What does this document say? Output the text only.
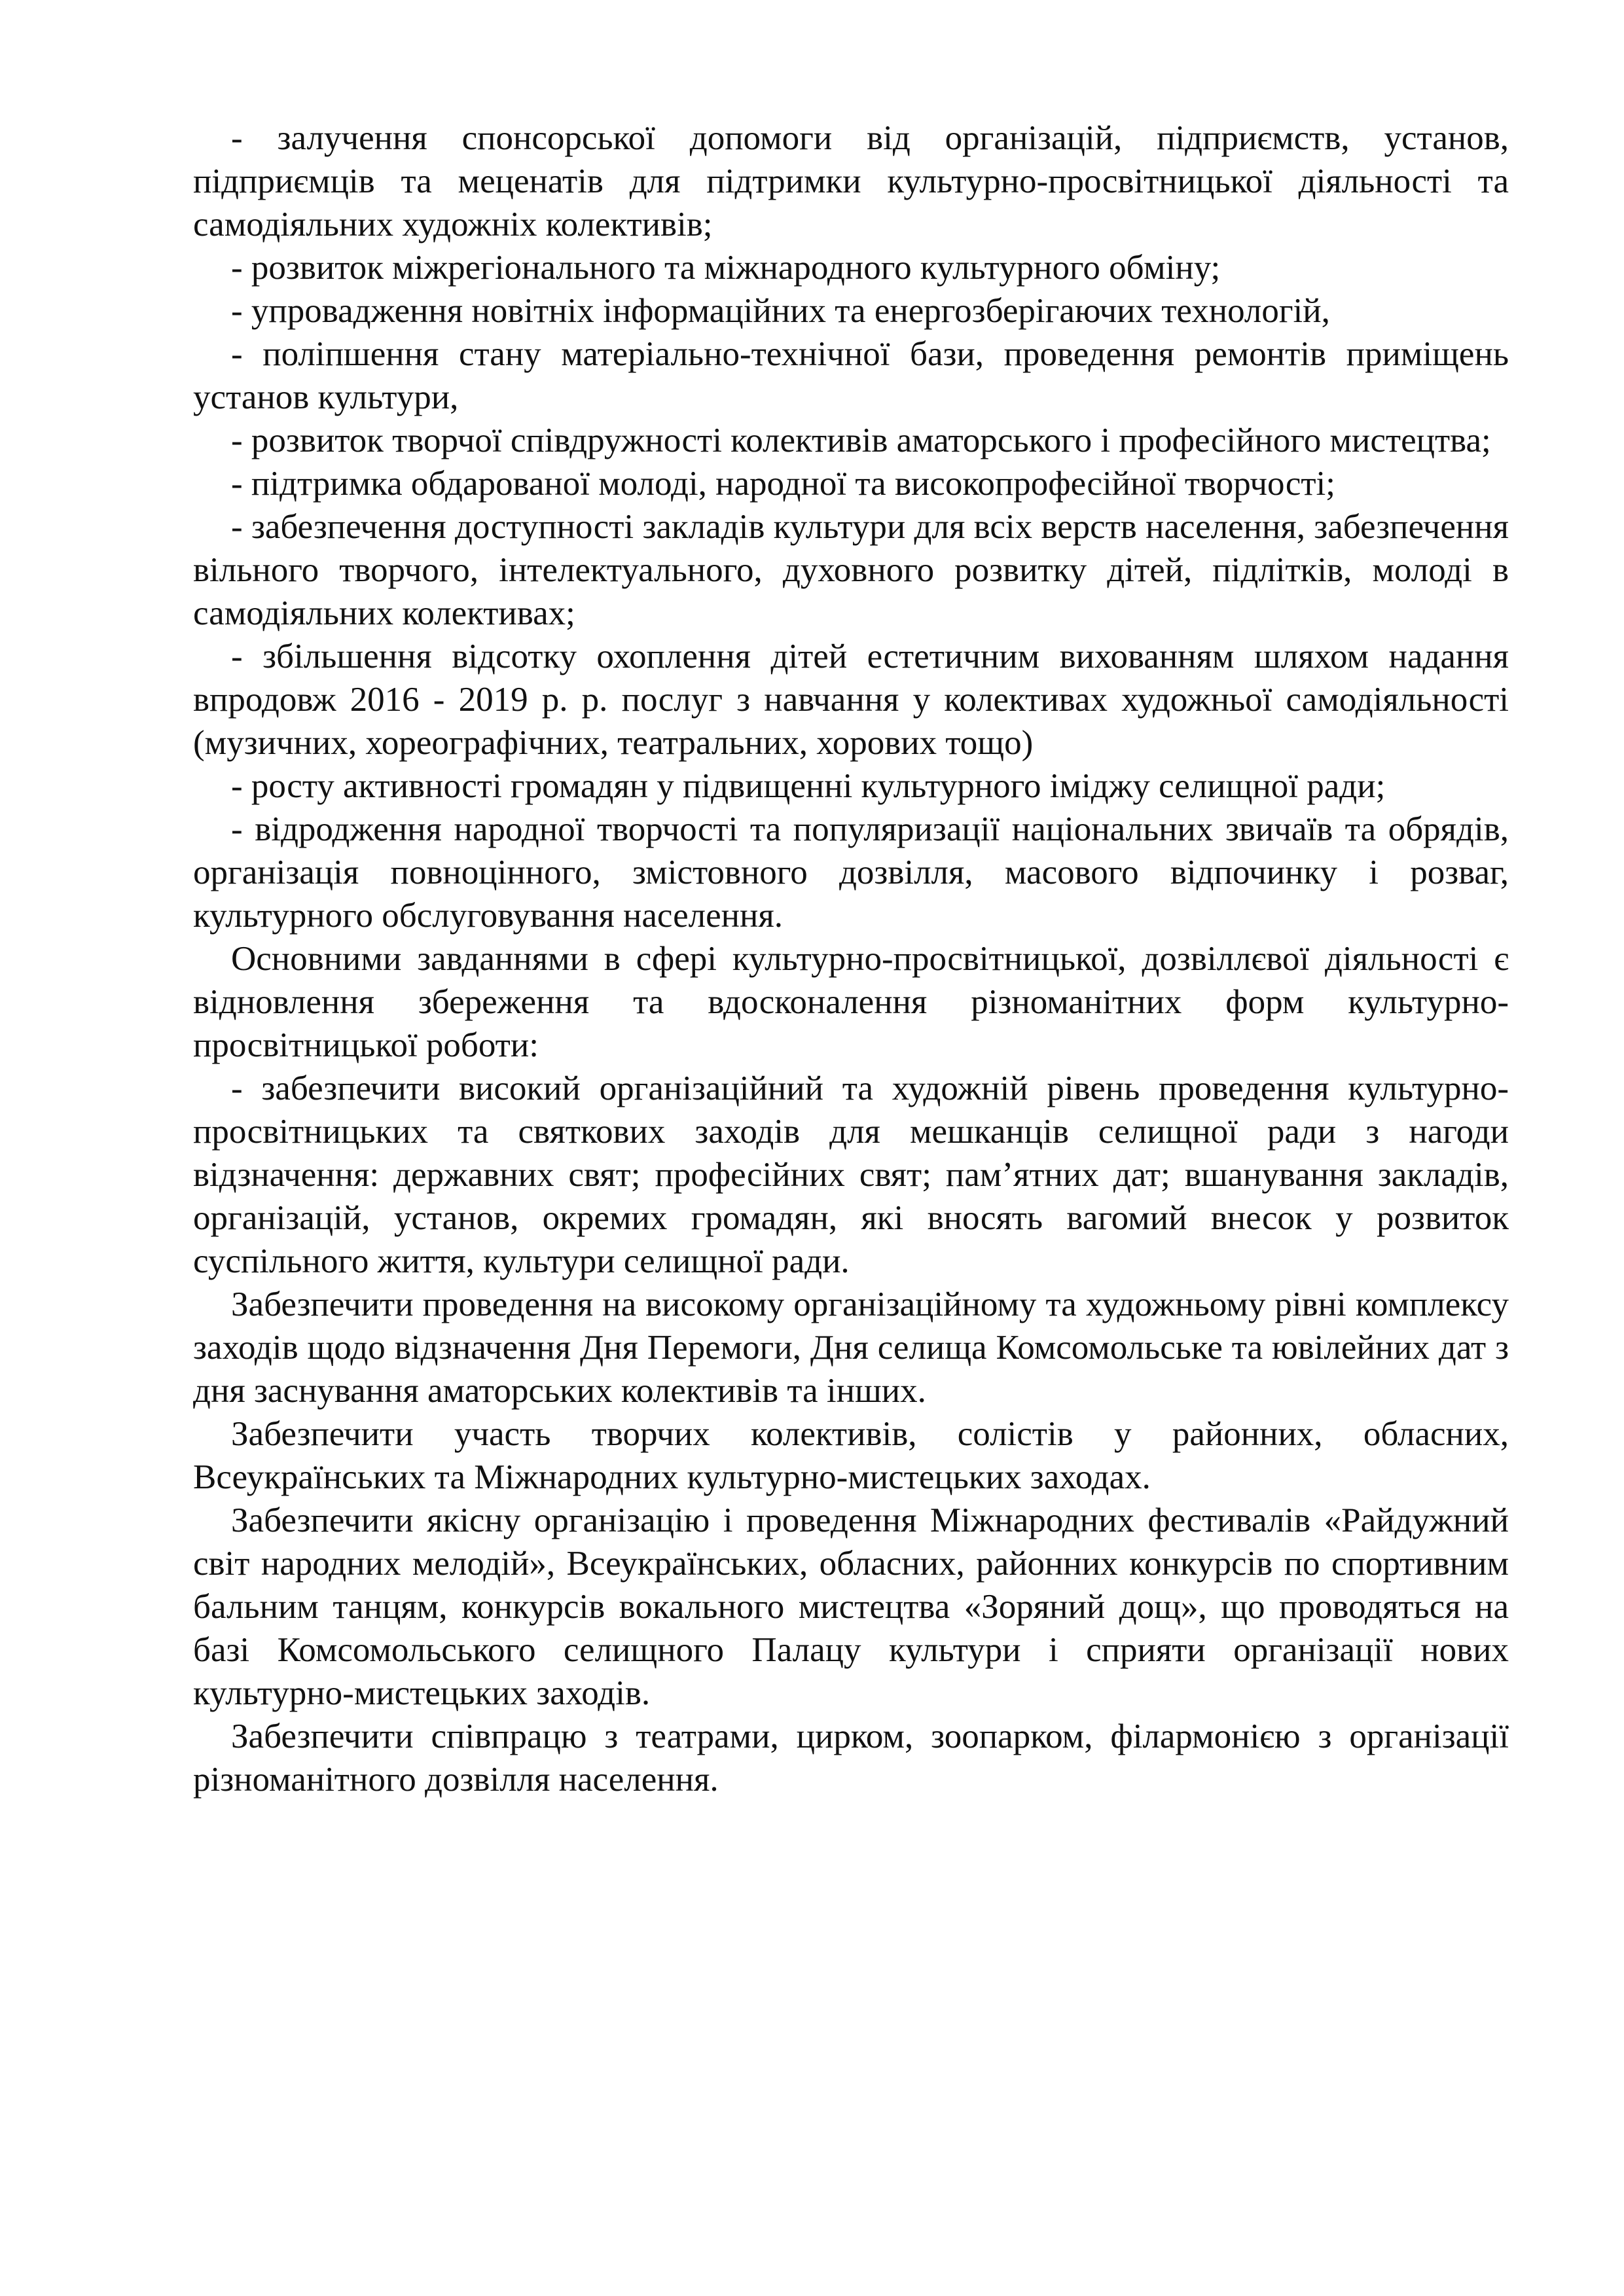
- залучення спонсорської допомоги від організацій, підприємств, установ, підприємців та меценатів для підтримки культурно-просвітницької діяльності та самодіяльних художніх колективів;

- розвиток міжрегіонального та міжнародного культурного обміну;

- упровадження новітніх інформаційних та енергозберігаючих технологій,

- поліпшення стану матеріально-технічної бази, проведення ремонтів приміщень установ культури,

- розвиток творчої співдружності колективів аматорського і професійного мистецтва;

- підтримка обдарованої молоді, народної та високопрофесійної творчості;

- забезпечення доступності закладів культури для всіх верств населення, забезпечення вільного творчого, інтелектуального, духовного розвитку дітей, підлітків, молоді в самодіяльних колективах;

- збільшення відсотку охоплення дітей естетичним вихованням шляхом надання впродовж 2016 - 2019 р. р. послуг з навчання у колективах художньої самодіяльності (музичних, хореографічних, театральних, хорових тощо)

- росту активності громадян у підвищенні культурного іміджу селищної ради;

- відродження народної творчості та популяризації національних звичаїв та обрядів, організація повноцінного, змістовного дозвілля, масового відпочинку і розваг, культурного обслуговування населення.

Основними завданнями в сфері культурно-просвітницької, дозвіллєвої діяльності є відновлення збереження та вдосконалення різноманітних форм культурно-просвітницької роботи:

- забезпечити високий організаційний та художній рівень проведення культурно-просвітницьких та святкових заходів для мешканців селищної ради з нагоди відзначення: державних свят; професійних свят; пам’ятних дат; вшанування закладів, організацій, установ, окремих громадян, які вносять вагомий внесок у розвиток суспільного життя, культури селищної ради.

Забезпечити проведення на високому організаційному та художньому рівні комплексу заходів щодо відзначення Дня Перемоги, Дня селища Комсомольське та ювілейних дат з дня заснування аматорських колективів та інших.

Забезпечити участь творчих колективів, солістів у районних, обласних, Всеукраїнських та Міжнародних культурно-мистецьких заходах.

Забезпечити якісну організацію і проведення Міжнародних фестивалів «Райдужний світ народних мелодій», Всеукраїнських, обласних, районних конкурсів по спортивним бальним танцям, конкурсів вокального мистецтва «Зоряний дощ», що проводяться на базі Комсомольського селищного Палацу культури і сприяти організації нових культурно-мистецьких заходів.

Забезпечити співпрацю з театрами, цирком, зоопарком, філармонією з організації різноманітного дозвілля населення.
